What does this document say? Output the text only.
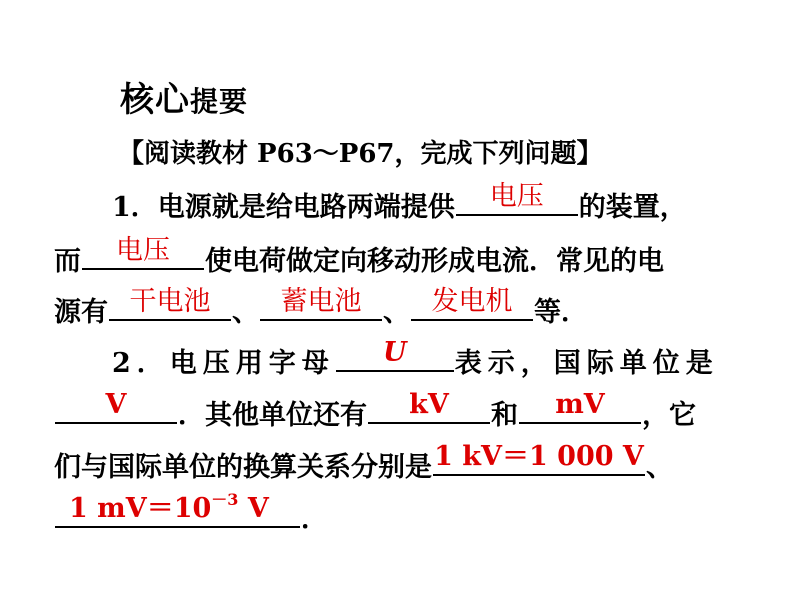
核心提要
【阅读教材 P63～P67，完成下列问题】
1．电源就是给电路两端提供	电压	的装置，
而	电压	使电荷做定向移动形成电流．常见的电
源有 干电池 、 蓄电池 、 发电机 等．
2．电压用字母	U	表示，国际单位是
V	．其他单位还有	kV	和	mV	，它
们与国际单位的换算关系分别是 1 kV＝1 000 V 、
1 $mV=10^{-3}$ V	．
